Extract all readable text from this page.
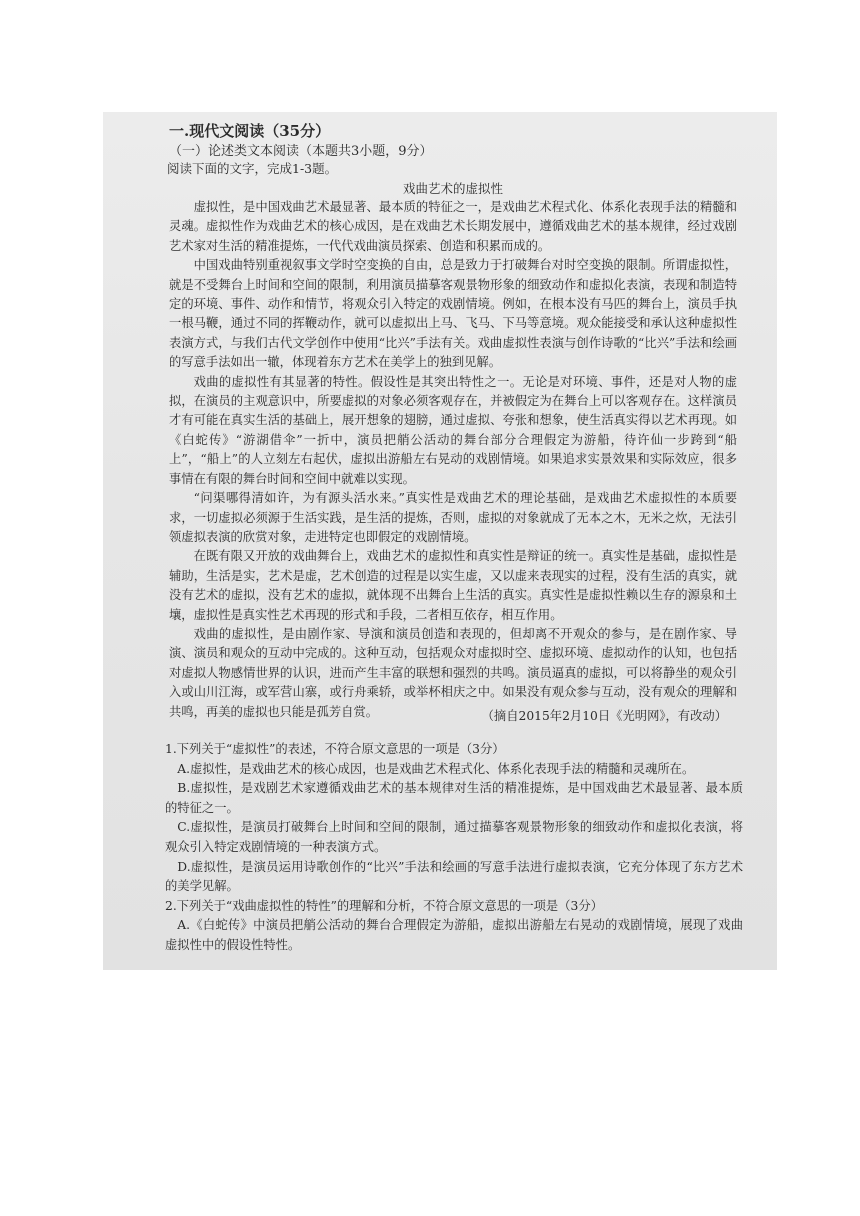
一.现代文阅读（35分）
（一）论述类文本阅读（本题共3小题，9分）
阅读下面的文字，完成1-3题。
戏曲艺术的虚拟性

虚拟性，是中国戏曲艺术最显著、最本质的特征之一，是戏曲艺术程式化、体系化表现手法的精髓和灵魂。虚拟性作为戏曲艺术的核心成因，是在戏曲艺术长期发展中，遵循戏曲艺术的基本规律，经过戏剧艺术家对生活的精准提炼，一代代戏曲演员探索、创造和积累而成的。

中国戏曲特别重视叙事文学时空变换的自由，总是致力于打破舞台对时空变换的限制。所谓虚拟性，就是不受舞台上时间和空间的限制，利用演员描摹客观景物形象的细致动作和虚拟化表演，表现和制造特定的环境、事件、动作和情节，将观众引入特定的戏剧情境。例如，在根本没有马匹的舞台上，演员手执一根马鞭，通过不同的挥鞭动作，就可以虚拟出上马、飞马、下马等意境。观众能接受和承认这种虚拟性表演方式，与我们古代文学创作中使用“比兴”手法有关。戏曲虚拟性表演与创作诗歌的“比兴”手法和绘画的写意手法如出一辙，体现着东方艺术在美学上的独到见解。

戏曲的虚拟性有其显著的特性。假设性是其突出特性之一。无论是对环境、事件，还是对人物的虚拟，在演员的主观意识中，所要虚拟的对象必须客观存在，并被假定为在舞台上可以客观存在。这样演员才有可能在真实生活的基础上，展开想象的翅膀，通过虚拟、夸张和想象，使生活真实得以艺术再现。如《白蛇传》“游湖借伞”一折中，演员把艄公活动的舞台部分合理假定为游船，待许仙一步跨到“船上”，“船上”的人立刻左右起伏，虚拟出游船左右晃动的戏剧情境。如果追求实景效果和实际效应，很多事情在有限的舞台时间和空间中就难以实现。

“问渠哪得清如许，为有源头活水来。”真实性是戏曲艺术的理论基础，是戏曲艺术虚拟性的本质要求，一切虚拟必须源于生活实践，是生活的提炼，否则，虚拟的对象就成了无本之木，无米之炊，无法引领虚拟表演的欣赏对象，走进特定也即假定的戏剧情境。

在既有限又开放的戏曲舞台上，戏曲艺术的虚拟性和真实性是辩证的统一。真实性是基础，虚拟性是辅助，生活是实，艺术是虚，艺术创造的过程是以实生虚，又以虚来表现实的过程，没有生活的真实，就没有艺术的虚拟，没有艺术的虚拟，就体现不出舞台上生活的真实。真实性是虚拟性赖以生存的源泉和土壤，虚拟性是真实性艺术再现的形式和手段，二者相互依存，相互作用。

戏曲的虚拟性，是由剧作家、导演和演员创造和表现的，但却离不开观众的参与，是在剧作家、导演、演员和观众的互动中完成的。这种互动，包括观众对虚拟时空、虚拟环境、虚拟动作的认知，也包括对虚拟人物感情世界的认识，进而产生丰富的联想和强烈的共鸣。演员逼真的虚拟，可以将静坐的观众引入或山川江海，或军营山寨，或行舟乘轿，或举杯相庆之中。如果没有观众参与互动，没有观众的理解和共鸣，再美的虚拟也只能是孤芳自赏。	（摘自2015年2月10日《光明网》，有改动）

1.下列关于“虚拟性”的表述，不符合原文意思的一项是（3分）

A.虚拟性，是戏曲艺术的核心成因，也是戏曲艺术程式化、体系化表现手法的精髓和灵魂所在。

B.虚拟性，是戏剧艺术家遵循戏曲艺术的基本规律对生活的精准提炼，是中国戏曲艺术最显著、最本质的特征之一。

C.虚拟性，是演员打破舞台上时间和空间的限制，通过描摹客观景物形象的细致动作和虚拟化表演，将观众引入特定戏剧情境的一种表演方式。

D.虚拟性，是演员运用诗歌创作的“比兴”手法和绘画的写意手法进行虚拟表演，它充分体现了东方艺术的美学见解。

2.下列关于“戏曲虚拟性的特性”的理解和分析，不符合原文意思的一项是（3分）

A.《白蛇传》中演员把艄公活动的舞台合理假定为游船，虚拟出游船左右晃动的戏剧情境，展现了戏曲虚拟性中的假设性特性。
